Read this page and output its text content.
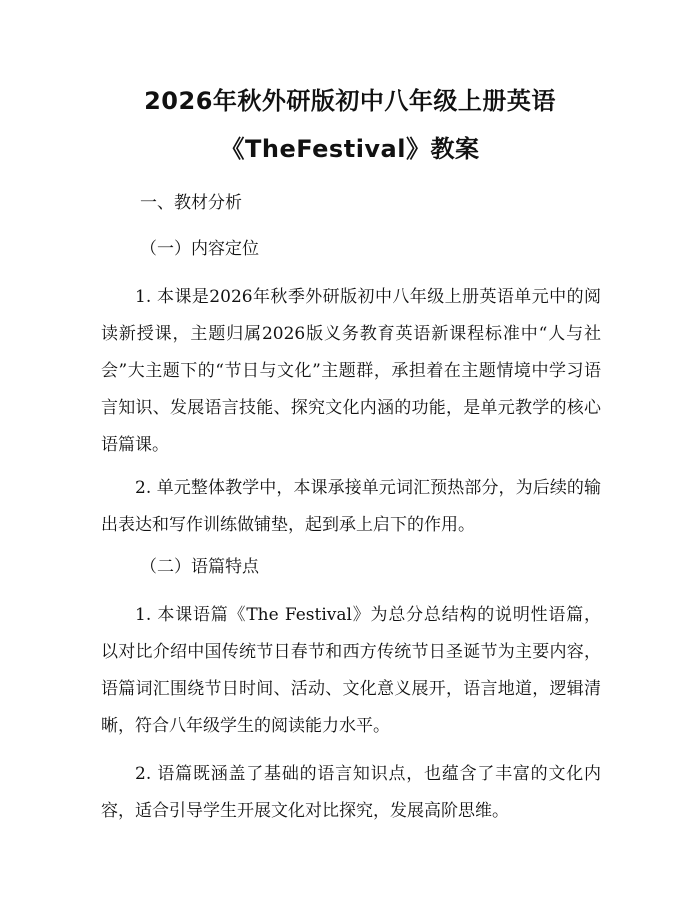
2026年秋外研版初中八年级上册英语
《TheFestival》教案
一、教材分析
（一）内容定位

1. 本课是2026年秋季外研版初中八年级上册英语单元中的阅读新授课，主题归属2026版义务教育英语新课程标准中“人与社会”大主题下的“节日与文化”主题群，承担着在主题情境中学习语言知识、发展语言技能、探究文化内涵的功能，是单元教学的核心语篇课。

2. 单元整体教学中，本课承接单元词汇预热部分，为后续的输出表达和写作训练做铺垫，起到承上启下的作用。

（二）语篇特点

1. 本课语篇《The Festival》为总分总结构的说明性语篇，以对比介绍中国传统节日春节和西方传统节日圣诞节为主要内容，语篇词汇围绕节日时间、活动、文化意义展开，语言地道，逻辑清晰，符合八年级学生的阅读能力水平。

2. 语篇既涵盖了基础的语言知识点，也蕴含了丰富的文化内容，适合引导学生开展文化对比探究，发展高阶思维。
